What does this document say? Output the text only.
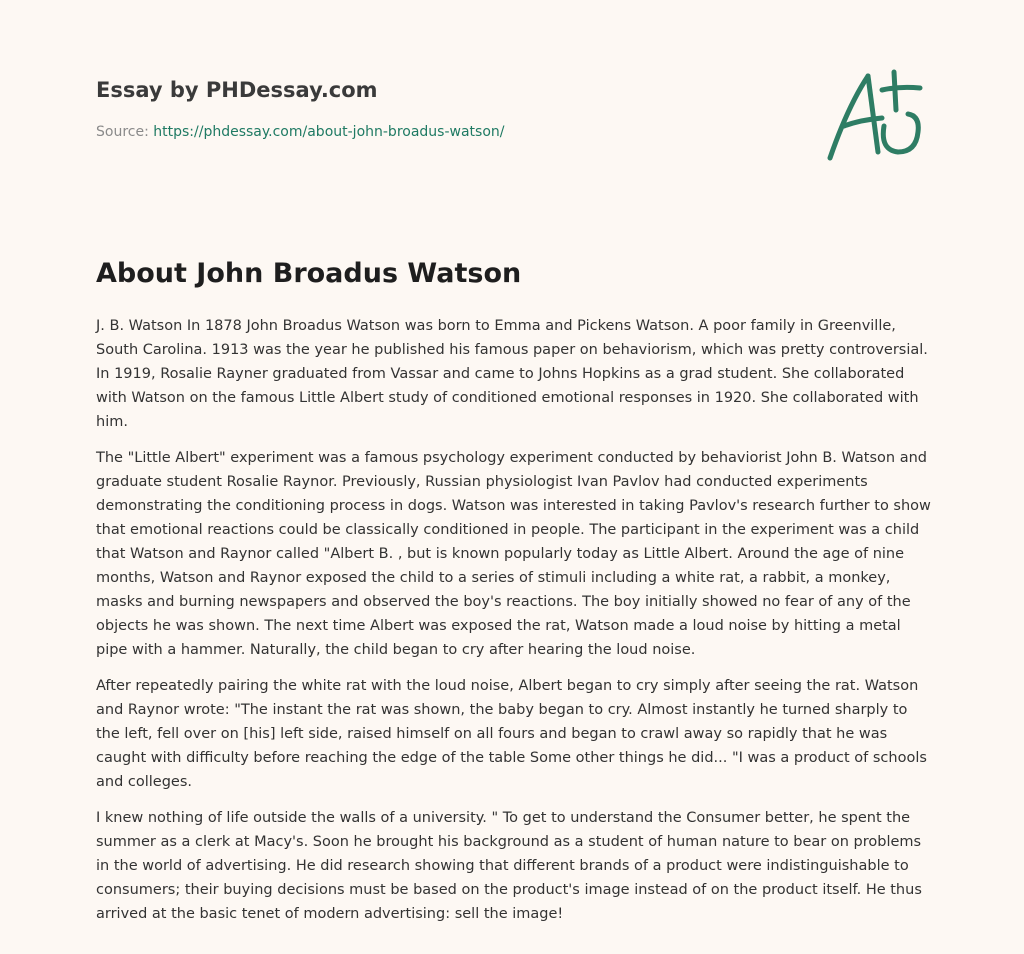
Essay by PHDessay.com
Source: https://phdessay.com/about-john-broadus-watson/
About John Broadus Watson

J. B. Watson In 1878 John Broadus Watson was born to Emma and Pickens Watson. A poor family in Greenville, South Carolina. 1913 was the year he published his famous paper on behaviorism, which was pretty controversial. In 1919, Rosalie Rayner graduated from Vassar and came to Johns Hopkins as a grad student. She collaborated with Watson on the famous Little Albert study of conditioned emotional responses in 1920. She collaborated with him.

The "Little Albert" experiment was a famous psychology experiment conducted by behaviorist John B. Watson and graduate student Rosalie Raynor. Previously, Russian physiologist Ivan Pavlov had conducted experiments demonstrating the conditioning process in dogs. Watson was interested in taking Pavlov's research further to show that emotional reactions could be classically conditioned in people. The participant in the experiment was a child that Watson and Raynor called "Albert B. , but is known popularly today as Little Albert. Around the age of nine months, Watson and Raynor exposed the child to a series of stimuli including a white rat, a rabbit, a monkey, masks and burning newspapers and observed the boy's reactions. The boy initially showed no fear of any of the objects he was shown. The next time Albert was exposed the rat, Watson made a loud noise by hitting a metal pipe with a hammer. Naturally, the child began to cry after hearing the loud noise.

After repeatedly pairing the white rat with the loud noise, Albert began to cry simply after seeing the rat. Watson and Raynor wrote: "The instant the rat was shown, the baby began to cry. Almost instantly he turned sharply to the left, fell over on [his] left side, raised himself on all fours and began to crawl away so rapidly that he was caught with difficulty before reaching the edge of the table Some other things he did... "I was a product of schools and colleges.

I knew nothing of life outside the walls of a university. " To get to understand the Consumer better, he spent the summer as a clerk at Macy's. Soon he brought his background as a student of human nature to bear on problems in the world of advertising. He did research showing that different brands of a product were indistinguishable to consumers; their buying decisions must be based on the product's image instead of on the product itself. He thus arrived at the basic tenet of modern advertising: sell the image!
